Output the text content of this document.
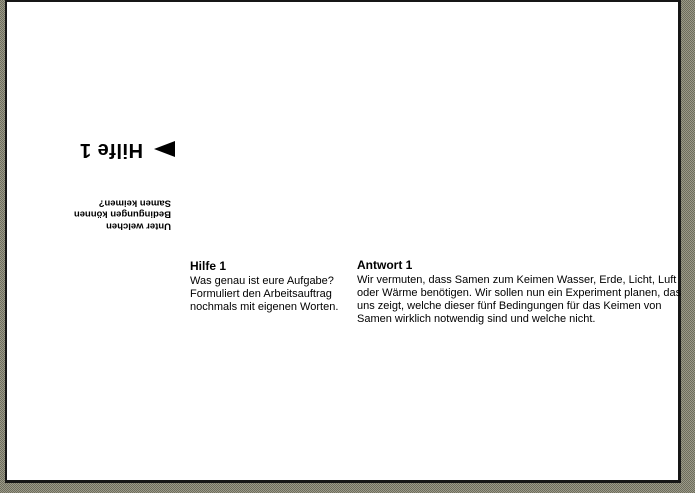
Hilfe 1
Unter welchen
Bedingungen können
Samen keimen?
Hilfe 1
Was genau ist eure Aufgabe?
Formuliert den Arbeitsauftrag
nochmals mit eigenen Worten.
Antwort 1
Wir vermuten, dass Samen zum Keimen Wasser, Erde, Licht, Luft
oder Wärme benötigen. Wir sollen nun ein Experiment planen, das
uns zeigt, welche dieser fünf Bedingungen für das Keimen von
Samen wirklich notwendig sind und welche nicht.
